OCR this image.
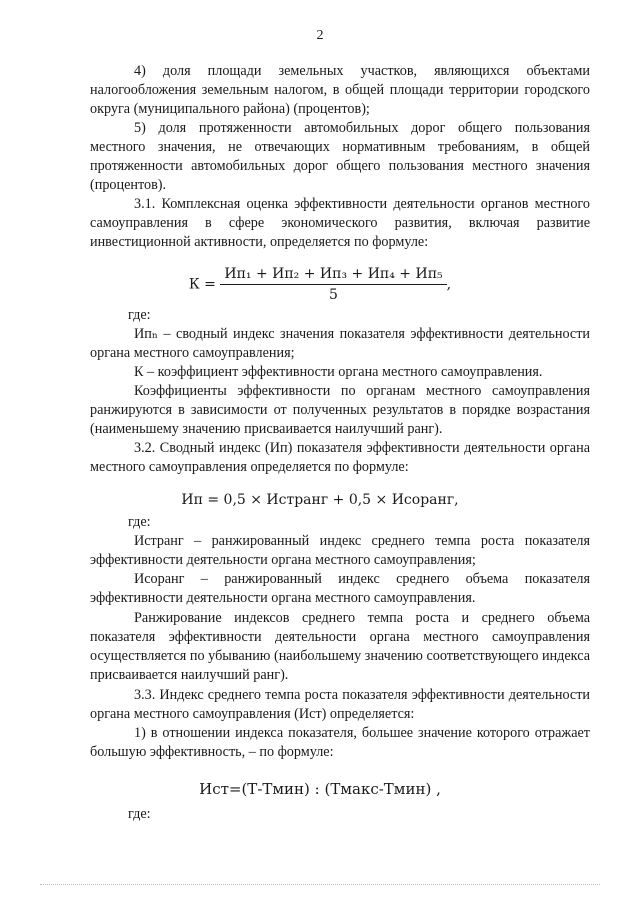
2

4) доля площади земельных участков, являющихся объектами налогообложения земельным налогом, в общей площади территории городского округа (муниципального района) (процентов);

5) доля протяженности автомобильных дорог общего пользования местного значения, не отвечающих нормативным требованиям, в общей протяженности автомобильных дорог общего пользования местного значения (процентов).

3.1. Комплексная оценка эффективности деятельности органов местного самоуправления в сфере экономического развития, включая развитие инвестиционной активности, определяется по формуле:

$К = \frac{\text{Ип₁ + Ип₂ + Ип₃ + Ип₄ + Ип₅}}{5}$ ,

где:

Ипₙ – сводный индекс значения показателя эффективности деятельности органа местного самоуправления;

К – коэффициент эффективности органа местного самоуправления.

Коэффициенты эффективности по органам местного самоуправления ранжируются в зависимости от полученных результатов в порядке возрастания (наименьшему значению присваивается наилучший ранг).

3.2. Сводный индекс (Ип) показателя эффективности деятельности органа местного самоуправления определяется по формуле:

Ип = 0,5 × Истранг + 0,5 × Исоранг,

где:

Истранг – ранжированный индекс среднего темпа роста показателя эффективности деятельности органа местного самоуправления;

Исоранг – ранжированный индекс среднего объема показателя эффективности деятельности органа местного самоуправления.

Ранжирование индексов среднего темпа роста и среднего объема показателя эффективности деятельности органа местного самоуправления осуществляется по убыванию (наибольшему значению соответствующего индекса присваивается наилучший ранг).

3.3. Индекс среднего темпа роста показателя эффективности деятельности органа местного самоуправления (Ист) определяется:

1) в отношении индекса показателя, большее значение которого отражает большую эффективность, – по формуле:

Ист=(Т-Тмин) : (Тмакс-Тмин) ,

где:
